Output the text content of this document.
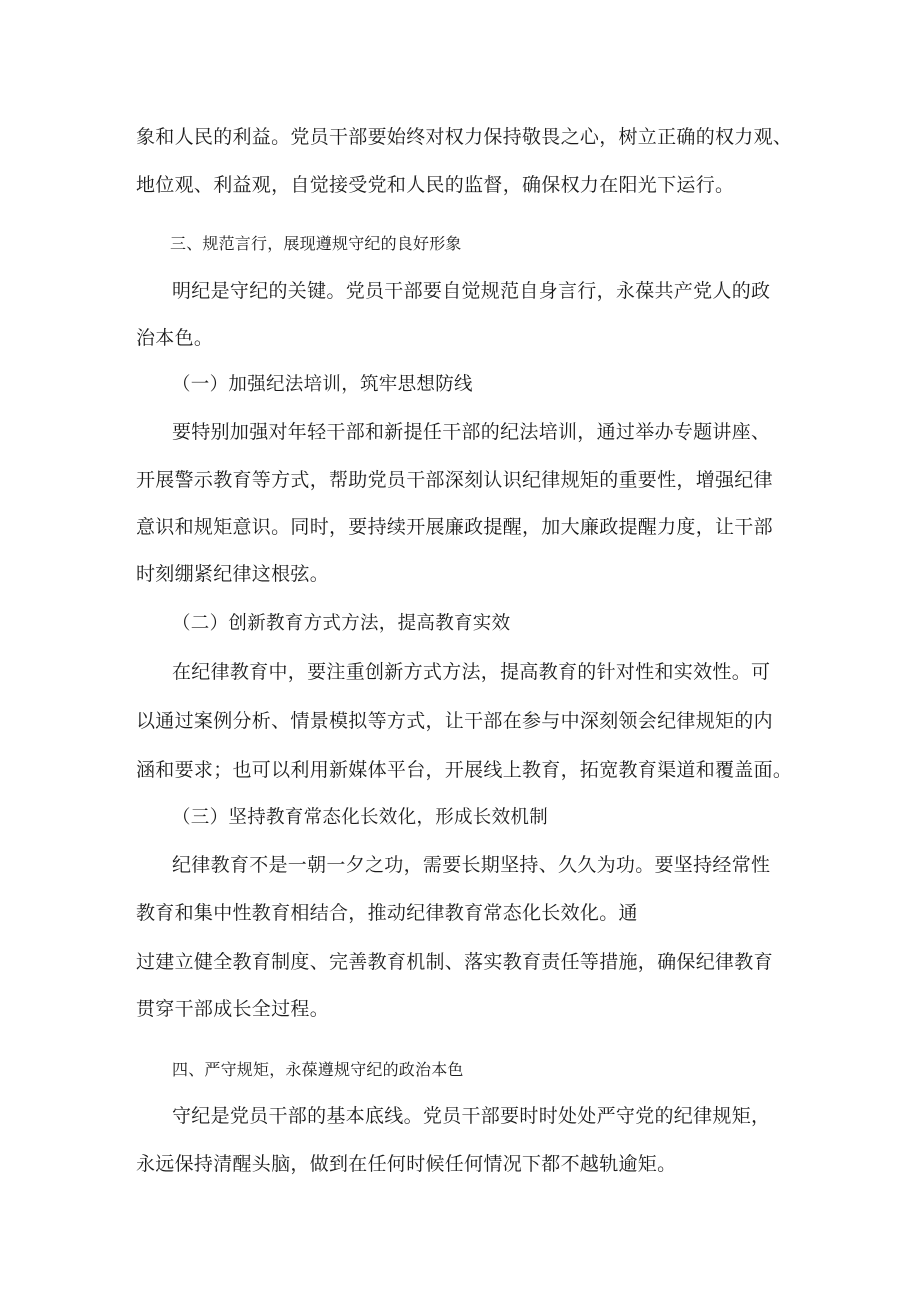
象和人民的利益。党员干部要始终对权力保持敬畏之心，树立正确的权力观、
地位观、利益观，自觉接受党和人民的监督，确保权力在阳光下运行。
三、规范言行，展现遵规守纪的良好形象
明纪是守纪的关键。党员干部要自觉规范自身言行，永葆共产党人的政
治本色。
（一）加强纪法培训，筑牢思想防线
要特别加强对年轻干部和新提任干部的纪法培训，通过举办专题讲座、
开展警示教育等方式，帮助党员干部深刻认识纪律规矩的重要性，增强纪律
意识和规矩意识。同时，要持续开展廉政提醒，加大廉政提醒力度，让干部
时刻绷紧纪律这根弦。
（二）创新教育方式方法，提高教育实效
在纪律教育中，要注重创新方式方法，提高教育的针对性和实效性。可
以通过案例分析、情景模拟等方式，让干部在参与中深刻领会纪律规矩的内
涵和要求；也可以利用新媒体平台，开展线上教育，拓宽教育渠道和覆盖面。
（三）坚持教育常态化长效化，形成长效机制
纪律教育不是一朝一夕之功，需要长期坚持、久久为功。要坚持经常性
教育和集中性教育相结合，推动纪律教育常态化长效化。通
过建立健全教育制度、完善教育机制、落实教育责任等措施，确保纪律教育
贯穿干部成长全过程。
四、严守规矩，永葆遵规守纪的政治本色
守纪是党员干部的基本底线。党员干部要时时处处严守党的纪律规矩，
永远保持清醒头脑，做到在任何时候任何情况下都不越轨逾矩。
